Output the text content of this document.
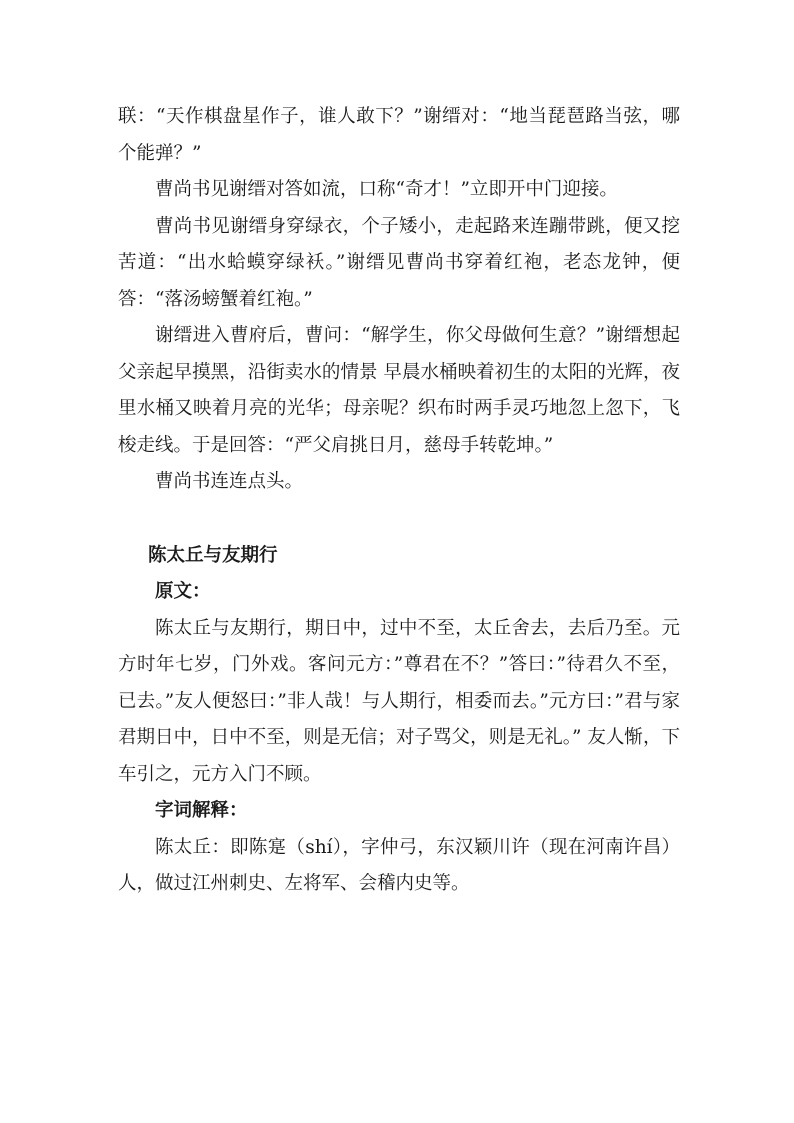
联：“天作棋盘星作子，谁人敢下？”谢缙对：“地当琵琶路当弦，哪个能弹？”

曹尚书见谢缙对答如流，口称“奇才！”立即开中门迎接。

曹尚书见谢缙身穿绿衣，个子矮小，走起路来连蹦带跳，便又挖苦道：“出水蛤蟆穿绿袄。”谢缙见曹尚书穿着红袍，老态龙钟，便答：“落汤螃蟹着红袍。”

谢缙进入曹府后，曹问：“解学生，你父母做何生意？”谢缙想起父亲起早摸黑，沿街卖水的情景 早晨水桶映着初生的太阳的光辉，夜里水桶又映着月亮的光华；母亲呢？织布时两手灵巧地忽上忽下，飞梭走线。于是回答：“严父肩挑日月，慈母手转乾坤。”

曹尚书连连点头。

陈太丘与友期行

原文：

陈太丘与友期行，期日中，过中不至，太丘舍去，去后乃至。元方时年七岁，门外戏。客问元方：”尊君在不？”答曰：”待君久不至，已去。”友人便怒曰：”非人哉！与人期行，相委而去。”元方曰：”君与家君期日中，日中不至，则是无信；对子骂父，则是无礼。” 友人惭，下车引之，元方入门不顾。

字词解释：

陈太丘：即陈寔（shí），字仲弓，东汉颖川许（现在河南许昌）人，做过江州刺史、左将军、会稽内史等。
